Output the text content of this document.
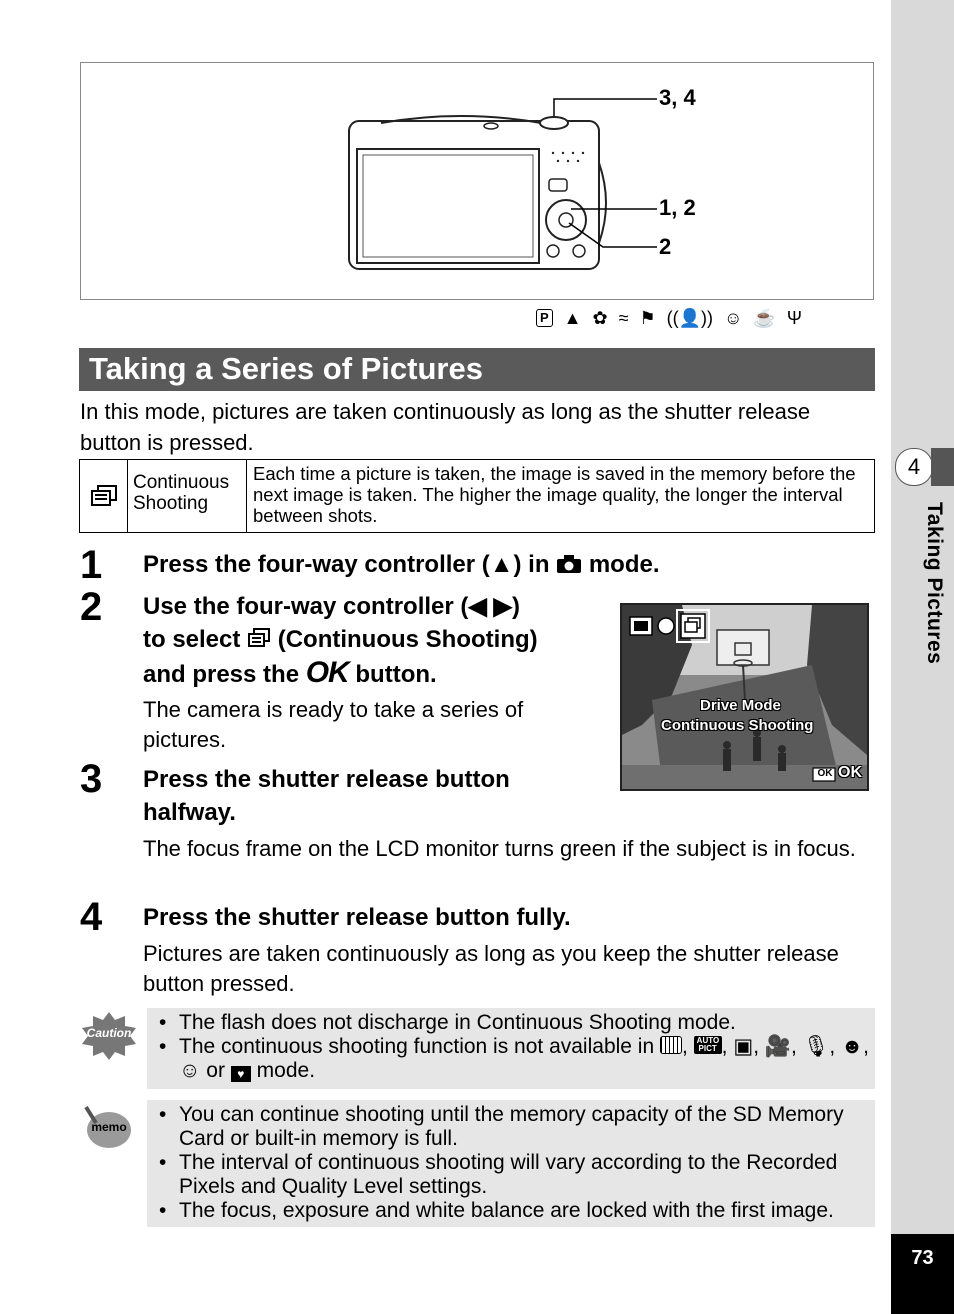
4
Taking Pictures
73
3, 4
1, 2
2
P ▲ ✿ ≈ ⚑ ((👤)) ☺ ☕ Ψ
Taking a Series of Pictures
In this mode, pictures are taken continuously as long as the shutter release button is pressed.
Continuous
Shooting
Each time a picture is taken, the image is saved in the memory before the next image is taken. The higher the image quality, the longer the interval between shots.
1 Press the four-way controller (▲) in  mode.
2 Use the four-way controller (◀ ▶)
to select  (Continuous Shooting)
and press the OK button.
The camera is ready to take a series of pictures.
Drive Mode
Continuous Shooting
OK OK
3 Press the shutter release button
halfway.
The focus frame on the LCD monitor turns green if the subject is in focus.
4 Press the shutter release button fully.
Pictures are taken continuously as long as you keep the shutter release button pressed.
Caution
•	The flash does not discharge in Continuous Shooting mode.
• The continuous shooting function is not available in , AUTO PICT , ▣, 🎥, 🎙, ☻, ☺ or ♥ mode.
memo
• You can continue shooting until the memory capacity of the SD Memory Card or built-in memory is full.
• The interval of continuous shooting will vary according to the Recorded Pixels and Quality Level settings.
• The focus, exposure and white balance are locked with the first image.
